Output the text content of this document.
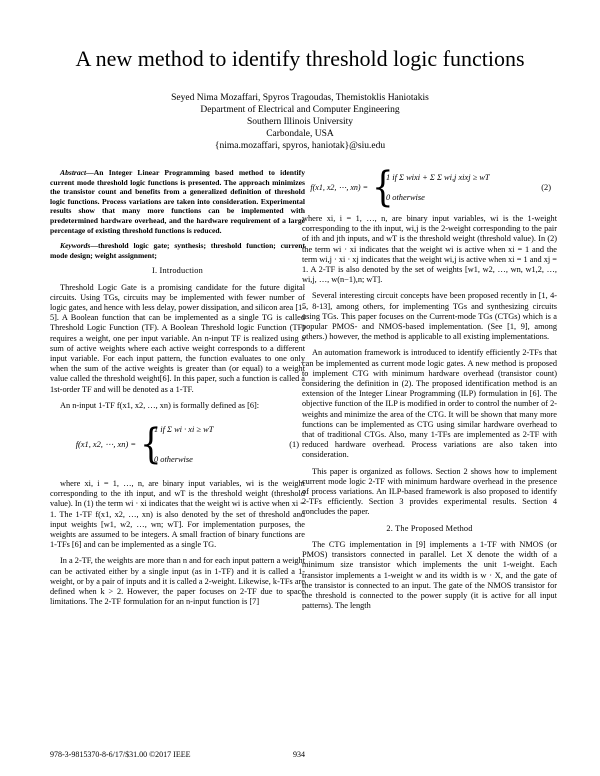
A new method to identify threshold logic functions
Seyed Nima Mozaffari, Spyros Tragoudas, Themistoklis Haniotakis
Department of Electrical and Computer Engineering
Southern Illinois University
Carbondale, USA
{nima.mozaffari, spyros, haniotak}@siu.edu

Abstract—An Integer Linear Programming based method to identify current mode threshold logic functions is presented. The approach minimizes the transistor count and benefits from a generalized definition of threshold logic functions. Process variations are taken into consideration. Experimental results show that many more functions can be implemented with predetermined hardware overhead, and the hardware requirement of a large percentage of existing threshold functions is reduced.

Keywords—threshold logic gate; synthesis; threshold function; current mode design; weight assignment;

I. Introduction

Threshold Logic Gate is a promising candidate for the future digital circuits. Using TGs, circuits may be implemented with fewer number of logic gates, and hence with less delay, power dissipation, and silicon area [1-5]. A Boolean function that can be implemented as a single TG is called Threshold Logic Function (TF). A Boolean Threshold logic Function (TF) requires a weight, one per input variable. An n-input TF is realized using a sum of active weights where each active weight corresponds to a different input variable. For each input pattern, the function evaluates to one only when the sum of the active weights is greater than (or equal) to a weight value called the threshold weight[6]. In this paper, such a function is called a 1st-order TF and will be denoted as a 1-TF.

An n-input 1-TF f(x1, x2, …, xn) is formally defined as [6]:

f(x1, x2, ⋯, xn) = {
1 if Σ wi · xi ≥ wT
0 otherwise
(1)

where xi, i = 1, …, n, are binary input variables, wi is the weight corresponding to the ith input, and wT is the threshold weight (threshold value). In (1) the term wi · xi indicates that the weight wi is active when xi = 1. The 1-TF f(x1, x2, …, xn) is also denoted by the set of threshold and input weights [w1, w2, …, wn; wT]. For implementation purposes, the weights are assumed to be integers. A small fraction of binary functions are 1-TFs [6] and can be implemented as a single TG.

In a 2-TF, the weights are more than n and for each input pattern a weight can be activated either by a single input (as in 1-TF) and it is called a 1-weight, or by a pair of inputs and it is called a 2-weight. Likewise, k-TFs are defined when k > 2. However, the paper focuses on 2-TF due to space limitations. The 2-TF formulation for an n-input function is [7]

f(x1, x2, ⋯, xn) = {
1 if Σ wixi + Σ Σ wi,j xixj ≥ wT
0 otherwise
(2)

where xi, i = 1, …, n, are binary input variables, wi is the 1-weight corresponding to the ith input, wi,j is the 2-weight corresponding to the pair of ith and jth inputs, and wT is the threshold weight (threshold value). In (2) the term wi · xi indicates that the weight wi is active when xi = 1 and the term wi,j · xi · xj indicates that the weight wi,j is active when xi = 1 and xj = 1. A 2-TF is also denoted by the set of weights [w1, w2, …, wn, w1,2, …, wi,j, …, w(n−1),n; wT].

Several interesting circuit concepts have been proposed recently in [1, 4-5, 8-13], among others, for implementing TGs and synthesizing circuits using TGs. This paper focuses on the Current-mode TGs (CTGs) which is a popular PMOS- and NMOS-based implementation. (See [1, 9], among others.) however, the method is applicable to all existing implementations.

An automation framework is introduced to identify efficiently 2-TFs that can be implemented as current mode logic gates. A new method is proposed to implement CTG with minimum hardware overhead (transistor count) considering the definition in (2). The proposed identification method is an extension of the Integer Linear Programming (ILP) formulation in [6]. The objective function of the ILP is modified in order to control the number of 2-weights and minimize the area of the CTG. It will be shown that many more functions can be implemented as CTG using similar hardware overhead to that of traditional CTGs. Also, many 1-TFs are implemented as 2-TF with reduced hardware overhead. Process variations are also taken into consideration.

This paper is organized as follows. Section 2 shows how to implement current mode logic 2-TF with minimum hardware overhead in the presence of process variations. An ILP-based framework is also proposed to identify 2-TFs efficiently. Section 3 provides experimental results. Section 4 concludes the paper.

2. The Proposed Method

The CTG implementation in [9] implements a 1-TF with NMOS (or PMOS) transistors connected in parallel. Let X denote the width of a minimum size transistor which implements the unit 1-weight. Each transistor implements a 1-weight w and its width is w · X, and the gate of the transistor is connected to an input. The gate of the NMOS transistor for the threshold is connected to the power supply (it is active for all input patterns). The length

978-3-9815370-8-6/17/$31.00 ©2017 IEEE	934
